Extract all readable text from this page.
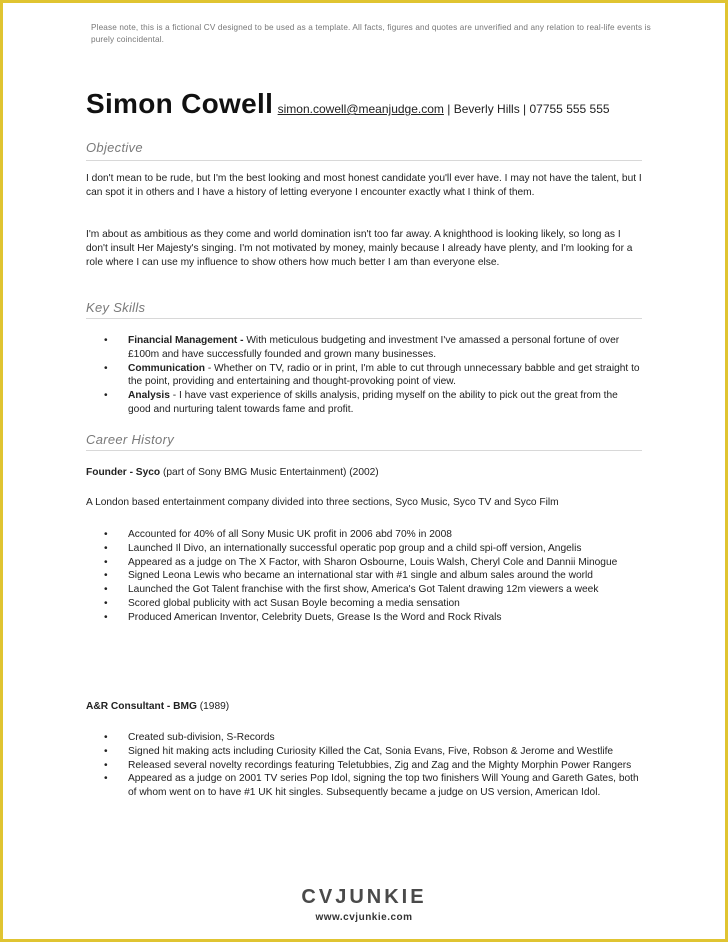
Please note, this is a fictional CV designed to be used as a template. All facts, figures and quotes are unverified and any relation to real-life events is purely coincidental.
Simon Cowell simon.cowell@meanjudge.com | Beverly Hills | 07755 555 555
Objective
I don't mean to be rude, but I'm the best looking and most honest candidate you'll ever have. I may not have the talent, but I can spot it in others and I have a history of letting everyone I encounter exactly what I think of them.
I'm about as ambitious as they come and world domination isn't too far away. A knighthood is looking likely, so long as I don't insult Her Majesty's singing. I'm not motivated by money, mainly because I already have plenty, and I'm looking for a role where I can use my influence to show others how much better I am than everyone else.
Key Skills
• Financial Management - With meticulous budgeting and investment I've amassed a personal fortune of over £100m and have successfully founded and grown many businesses.
• Communication - Whether on TV, radio or in print, I'm able to cut through unnecessary babble and get straight to the point, providing and entertaining and thought-provoking point of view.
• Analysis - I have vast experience of skills analysis, priding myself on the ability to pick out the great from the good and nurturing talent towards fame and profit.
Career History
Founder - Syco (part of Sony BMG Music Entertainment) (2002)
A London based entertainment company divided into three sections, Syco Music, Syco TV and Syco Film
• Accounted for 40% of all Sony Music UK profit in 2006 abd 70% in 2008
• Launched Il Divo, an internationally successful operatic pop group and a child spi-off version, Angelis
• Appeared as a judge on The X Factor, with Sharon Osbourne, Louis Walsh, Cheryl Cole and Dannii Minogue
• Signed Leona Lewis who became an international star with #1 single and album sales around the world
• Launched the Got Talent franchise with the first show, America's Got Talent drawing 12m viewers a week
• Scored global publicity with act Susan Boyle becoming a media sensation
• Produced American Inventor, Celebrity Duets, Grease Is the Word and Rock Rivals
A&R Consultant - BMG (1989)
• Created sub-division, S-Records
• Signed hit making acts including Curiosity Killed the Cat, Sonia Evans, Five, Robson & Jerome and Westlife
• Released several novelty recordings featuring Teletubbies, Zig and Zag and the Mighty Morphin Power Rangers
• Appeared as a judge on 2001 TV series Pop Idol, signing the top two finishers Will Young and Gareth Gates, both of whom went on to have #1 UK hit singles. Subsequently became a judge on US version, American Idol.
CVJUNKIE
www.cvjunkie.com
